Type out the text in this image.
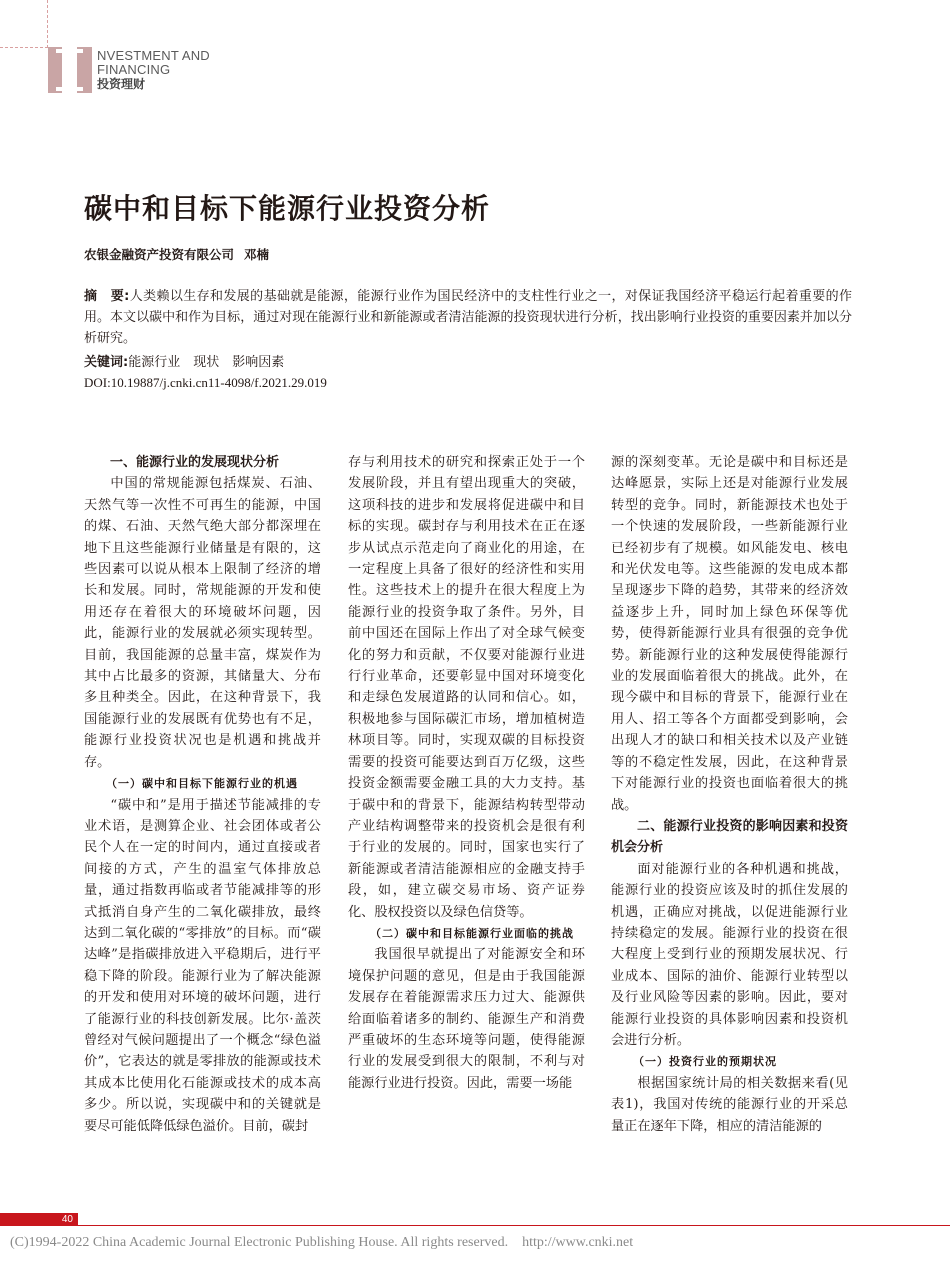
NVESTMENT AND
FINANCING
投资理财
碳中和目标下能源行业投资分析
农银金融资产投资有限公司 邓楠
摘　要:人类赖以生存和发展的基础就是能源，能源行业作为国民经济中的支柱性行业之一，对保证我国经济平稳运行起着重要的作用。本文以碳中和作为目标，通过对现在能源行业和新能源或者清洁能源的投资现状进行分析，找出影响行业投资的重要因素并加以分析研究。
关键词:能源行业　现状　影响因素
DOI:10.19887/j.cnki.cn11-4098/f.2021.29.019
一、能源行业的发展现状分析

中国的常规能源包括煤炭、石油、天然气等一次性不可再生的能源，中国的煤、石油、天然气绝大部分都深埋在地下且这些能源行业储量是有限的，这些因素可以说从根本上限制了经济的增长和发展。同时，常规能源的开发和使用还存在着很大的环境破坏问题，因此，能源行业的发展就必须实现转型。目前，我国能源的总量丰富，煤炭作为其中占比最多的资源，其储量大、分布多且种类全。因此，在这种背景下，我国能源行业的发展既有优势也有不足，能源行业投资状况也是机遇和挑战并存。

（一）碳中和目标下能源行业的机遇

“碳中和”是用于描述节能减排的专业术语，是测算企业、社会团体或者公民个人在一定的时间内，通过直接或者间接的方式，产生的温室气体排放总量，通过指数再临或者节能减排等的形式抵消自身产生的二氧化碳排放，最终达到二氧化碳的“零排放”的目标。而“碳达峰”是指碳排放进入平稳期后，进行平稳下降的阶段。能源行业为了解决能源的开发和使用对环境的破坏问题，进行了能源行业的科技创新发展。比尔·盖茨曾经对气候问题提出了一个概念“绿色溢价”，它表达的就是零排放的能源或技术其成本比使用化石能源或技术的成本高多少。所以说，实现碳中和的关键就是要尽可能低降低绿色溢价。目前，碳封

存与利用技术的研究和探索正处于一个发展阶段，并且有望出现重大的突破，这项科技的进步和发展将促进碳中和目标的实现。碳封存与利用技术在正在逐步从试点示范走向了商业化的用途，在一定程度上具备了很好的经济性和实用性。这些技术上的提升在很大程度上为能源行业的投资争取了条件。另外，目前中国还在国际上作出了对全球气候变化的努力和贡献，不仅要对能源行业进行行业革命，还要彰显中国对环境变化和走绿色发展道路的认同和信心。如，积极地参与国际碳汇市场，增加植树造林项目等。同时，实现双碳的目标投资需要的投资可能要达到百万亿级，这些投资金额需要金融工具的大力支持。基于碳中和的背景下，能源结构转型带动产业结构调整带来的投资机会是很有利于行业的发展的。同时，国家也实行了新能源或者清洁能源相应的金融支持手段，如，建立碳交易市场、资产证券化、股权投资以及绿色信贷等。

（二）碳中和目标能源行业面临的挑战

我国很早就提出了对能源安全和环境保护问题的意见，但是由于我国能源发展存在着能源需求压力过大、能源供给面临着诸多的制约、能源生产和消费严重破坏的生态环境等问题，使得能源行业的发展受到很大的限制，不利与对能源行业进行投资。因此，需要一场能

源的深刻变革。无论是碳中和目标还是达峰愿景，实际上还是对能源行业发展转型的竞争。同时，新能源技术也处于一个快速的发展阶段，一些新能源行业已经初步有了规模。如风能发电、核电和光伏发电等。这些能源的发电成本都呈现逐步下降的趋势，其带来的经济效益逐步上升，同时加上绿色环保等优势，使得新能源行业具有很强的竞争优势。新能源行业的这种发展使得能源行业的发展面临着很大的挑战。此外，在现今碳中和目标的背景下，能源行业在用人、招工等各个方面都受到影响，会出现人才的缺口和相关技术以及产业链等的不稳定性发展，因此，在这种背景下对能源行业的投资也面临着很大的挑战。

二、能源行业投资的影响因素和投资机会分析

面对能源行业的各种机遇和挑战，能源行业的投资应该及时的抓住发展的机遇，正确应对挑战，以促进能源行业持续稳定的发展。能源行业的投资在很大程度上受到行业的预期发展状况、行业成本、国际的油价、能源行业转型以及行业风险等因素的影响。因此，要对能源行业投资的具体影响因素和投资机会进行分析。

（一）投资行业的预期状况

根据国家统计局的相关数据来看(见表1)，我国对传统的能源行业的开采总量正在逐年下降，相应的清洁能源的

40
(C)1994-2022 China Academic Journal Electronic Publishing House. All rights reserved.    http://www.cnki.net
